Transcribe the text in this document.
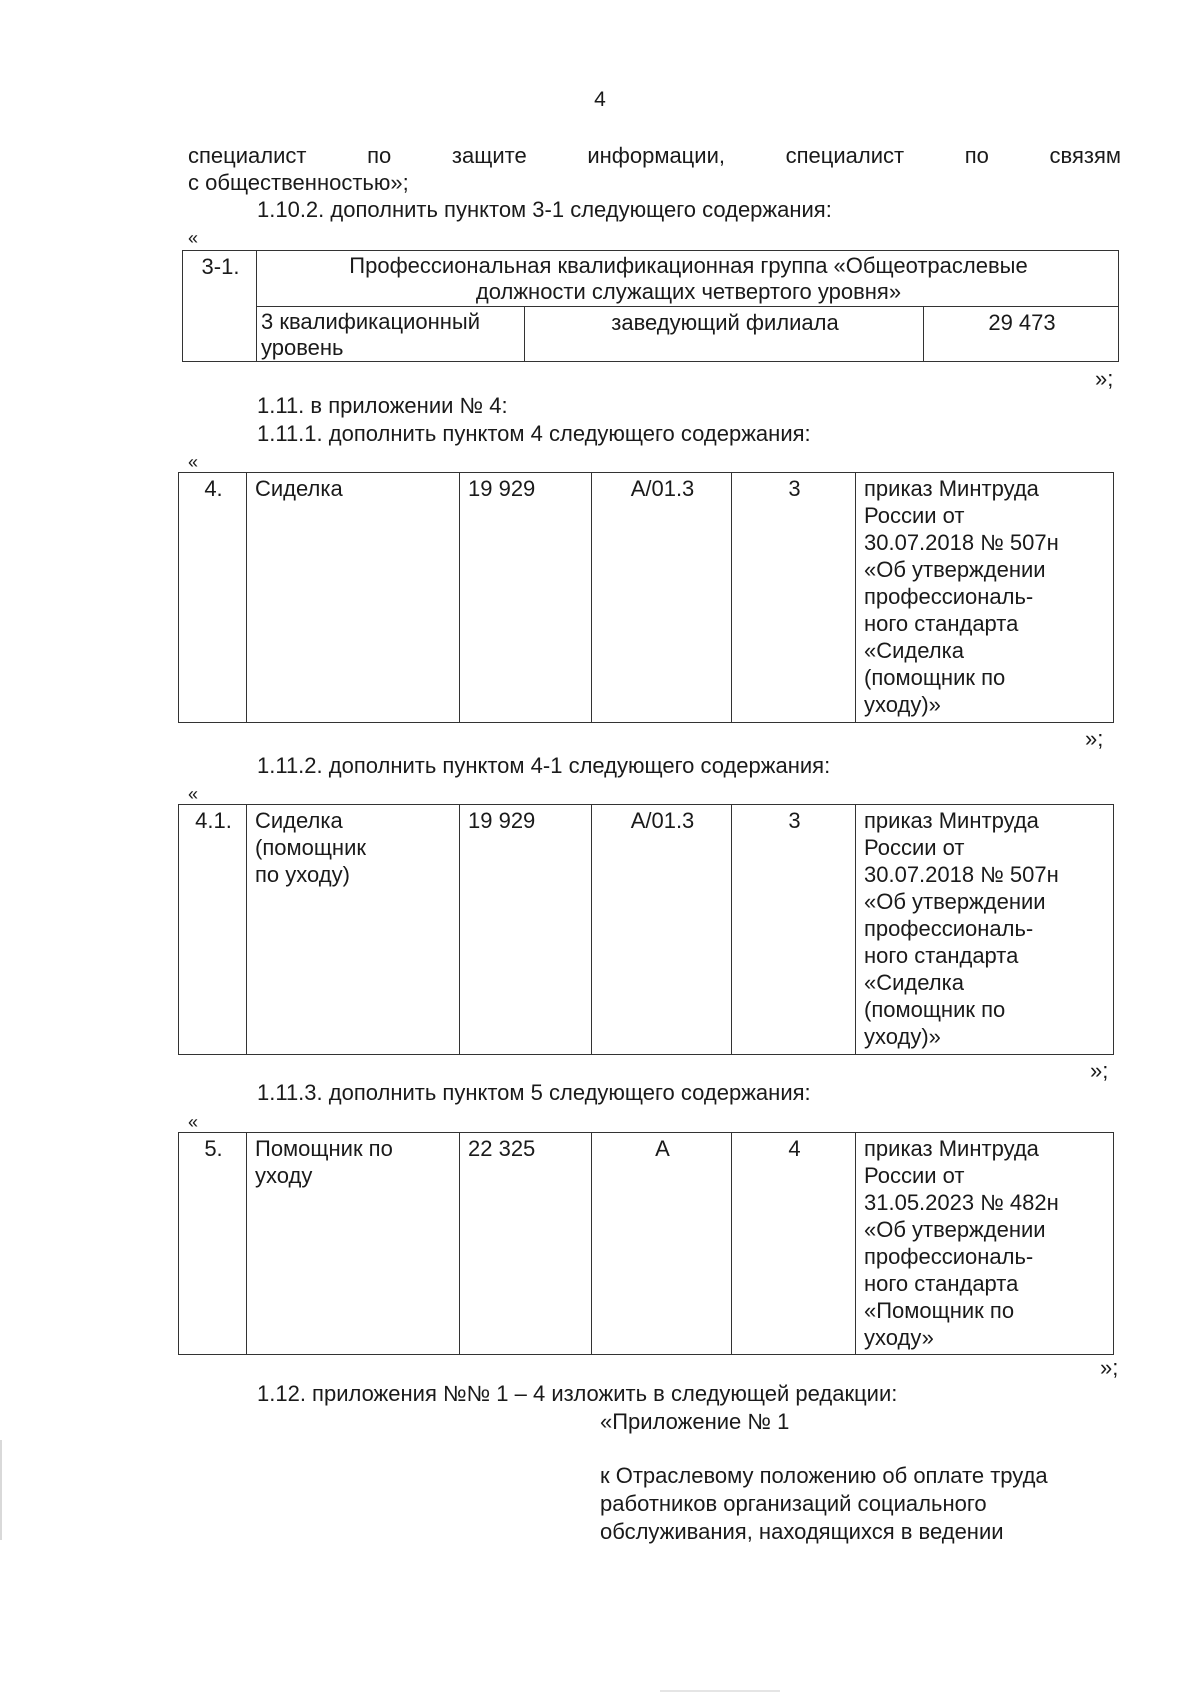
4
специалист по защите информации, специалист по связям
с общественностью»;
1.10.2. дополнить пунктом 3-1 следующего содержания:
«
3-1.	Профессиональная квалификационная группа «Общеотраслевые
должности служащих четвертого уровня»		

	3 квалификационный
уровень	заведующий филиала	29 473
»;
1.11. в приложении № 4:
1.11.1. дополнить пунктом 4 следующего содержания:
«
4.	Сиделка	19 929	A/01.3	3	приказ Минтруда
России от
30.07.2018 № 507н
«Об утверждении
профессиональ-
ного стандарта
«Сиделка
(помощник по
уходу)»
»;
1.11.2. дополнить пунктом 4-1 следующего содержания:
«
4.1.	Сиделка
(помощник
по уходу)
	19 929	A/01.3	3	приказ Минтруда
России от
30.07.2018 № 507н
«Об утверждении
профессиональ-
ного стандарта
«Сиделка
(помощник по
уходу)»
»;
1.11.3. дополнить пунктом 5 следующего содержания:
«
5.	Помощник по
уходу
	22 325	A	4	приказ Минтруда
России от
31.05.2023 № 482н
«Об утверждении
профессиональ-
ного стандарта
«Помощник по
уходу»
»;
1.12. приложения №№ 1 – 4 изложить в следующей редакции:
«Приложение № 1
к Отраслевому положению об оплате труда
работников организаций социального
обслуживания, находящихся в ведении
